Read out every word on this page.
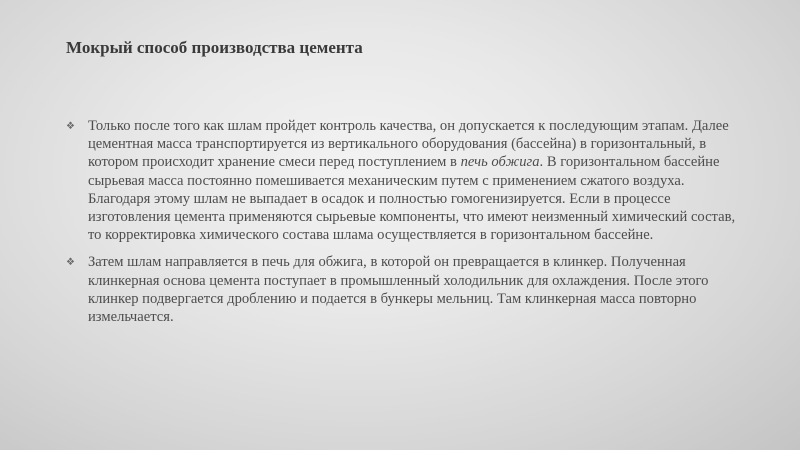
Мокрый способ производства цемента
❖ Только после того как шлам пройдет контроль качества, он допускается к последующим этапам. Далее цементная масса транспортируется из вертикального оборудования (бассейна) в горизонтальный, в котором происходит хранение смеси перед поступлением в печь обжига. В горизонтальном бассейне сырьевая масса постоянно помешивается механическим путем с применением сжатого воздуха. Благодаря этому шлам не выпадает в осадок и полностью гомогенизируется. Если в процессе изготовления цемента применяются сырьевые компоненты, что имеют неизменный химический состав, то корректировка химического состава шлама осуществляется в горизонтальном бассейне.
❖ Затем шлам направляется в печь для обжига, в которой он превращается в клинкер. Полученная клинкерная основа цемента поступает в промышленный холодильник для охлаждения. После этого клинкер подвергается дроблению и подается в бункеры мельниц. Там клинкерная масса повторно измельчается.
